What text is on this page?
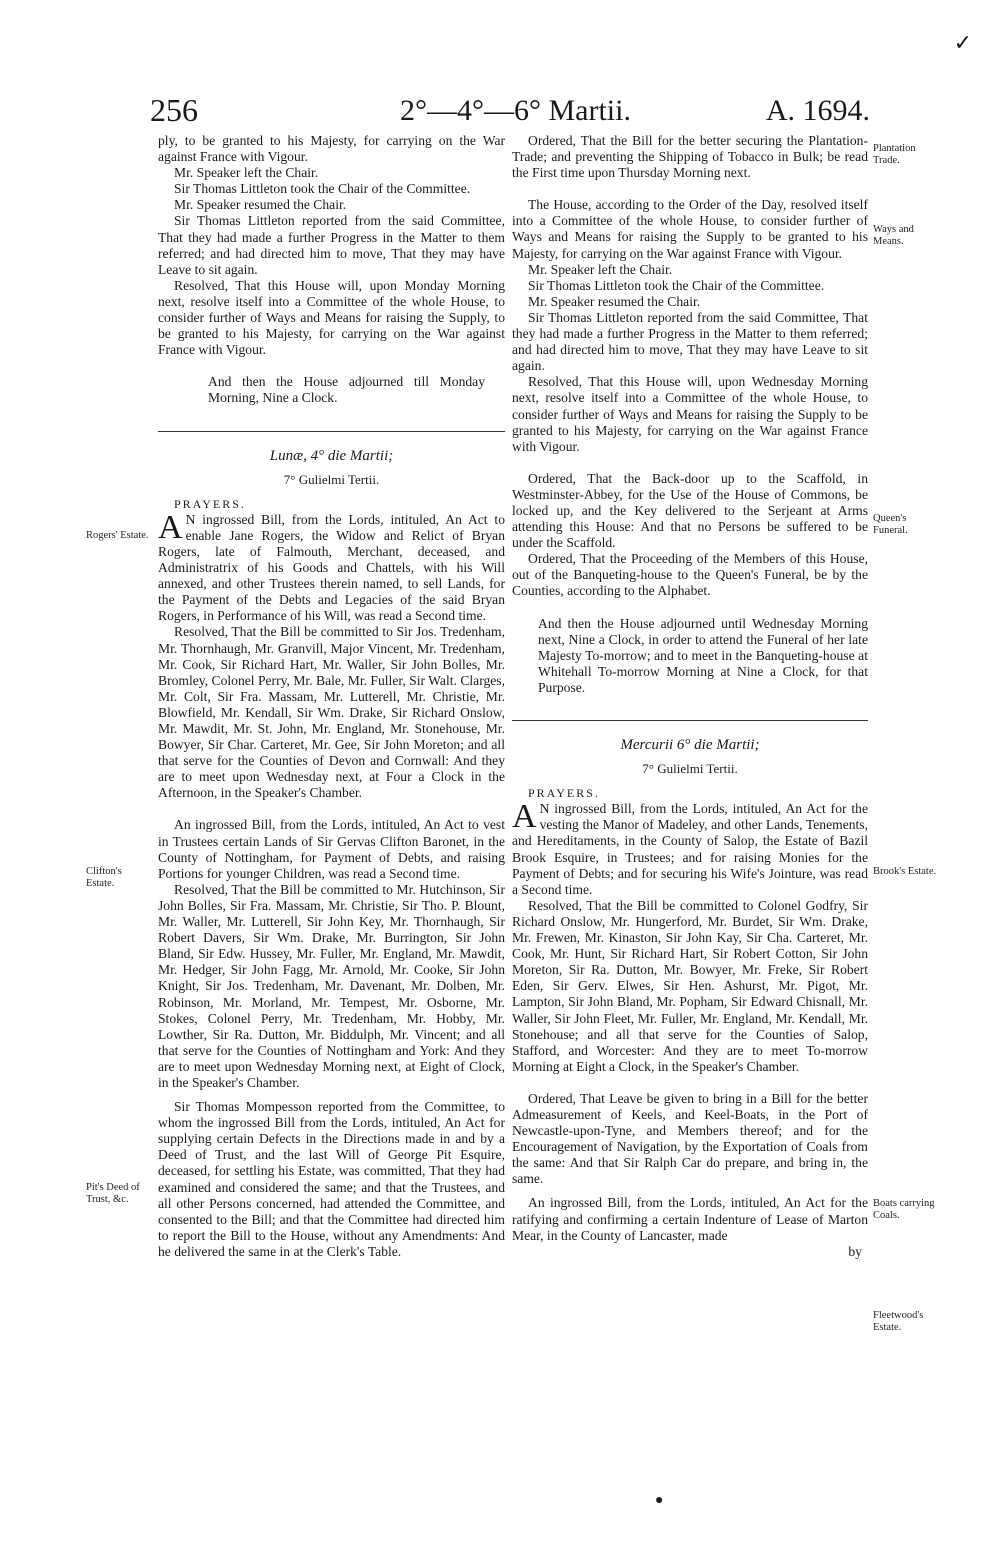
✓
256	2°—4°—6° Martii.	A. 1694.
Rogers' Estate.
Clifton's Estate.
Pit's Deed of Trust, &c.
Plantation Trade.
Ways and Means.
Queen's Funeral.
Brook's Estate.
Boats carrying Coals.
Fleetwood's Estate.

ply, to be granted to his Majesty, for carrying on the War against France with Vigour.

Mr. Speaker left the Chair.

Sir Thomas Littleton took the Chair of the Committee.

Mr. Speaker resumed the Chair.

Sir Thomas Littleton reported from the said Committee, That they had made a further Progress in the Matter to them referred; and had directed him to move, That they may have Leave to sit again.

Resolved, That this House will, upon Monday Morning next, resolve itself into a Committee of the whole House, to consider further of Ways and Means for raising the Supply, to be granted to his Majesty, for carrying on the War against France with Vigour.

And then the House adjourned till Monday Morning, Nine a Clock.

Lunæ, 4° die Martii;

7° Gulielmi Tertii.

PRAYERS.

A N ingrossed Bill, from the Lords, intituled, An Act to enable Jane Rogers, the Widow and Relict of Bryan Rogers, late of Falmouth, Merchant, deceased, and Administratrix of his Goods and Chattels, with his Will annexed, and other Trustees therein named, to sell Lands, for the Payment of the Debts and Legacies of the said Bryan Rogers, in Performance of his Will, was read a Second time.

Resolved, That the Bill be committed to Sir Jos. Tredenham, Mr. Thornhaugh, Mr. Granvill, Major Vincent, Mr. Tredenham, Mr. Cook, Sir Richard Hart, Mr. Waller, Sir John Bolles, Mr. Bromley, Colonel Perry, Mr. Bale, Mr. Fuller, Sir Walt. Clarges, Mr. Colt, Sir Fra. Massam, Mr. Lutterell, Mr. Christie, Mr. Blowfield, Mr. Kendall, Sir Wm. Drake, Sir Richard Onslow, Mr. Mawdit, Mr. St. John, Mr. England, Mr. Stonehouse, Mr. Bowyer, Sir Char. Carteret, Mr. Gee, Sir John Moreton; and all that serve for the Counties of Devon and Cornwall: And they are to meet upon Wednesday next, at Four a Clock in the Afternoon, in the Speaker's Chamber.

An ingrossed Bill, from the Lords, intituled, An Act to vest in Trustees certain Lands of Sir Gervas Clifton Baronet, in the County of Nottingham, for Payment of Debts, and raising Portions for younger Children, was read a Second time.

Resolved, That the Bill be committed to Mr. Hutchinson, Sir John Bolles, Sir Fra. Massam, Mr. Christie, Sir Tho. P. Blount, Mr. Waller, Mr. Lutterell, Sir John Key, Mr. Thornhaugh, Sir Robert Davers, Sir Wm. Drake, Mr. Burrington, Sir John Bland, Sir Edw. Hussey, Mr. Fuller, Mr. England, Mr. Mawdit, Mr. Hedger, Sir John Fagg, Mr. Arnold, Mr. Cooke, Sir John Knight, Sir Jos. Tredenham, Mr. Davenant, Mr. Dolben, Mr. Robinson, Mr. Morland, Mr. Tempest, Mr. Osborne, Mr. Stokes, Colonel Perry, Mr. Tredenham, Mr. Hobby, Mr. Lowther, Sir Ra. Dutton, Mr. Biddulph, Mr. Vincent; and all that serve for the Counties of Nottingham and York: And they are to meet upon Wednesday Morning next, at Eight of Clock, in the Speaker's Chamber.

Sir Thomas Mompesson reported from the Committee, to whom the ingrossed Bill from the Lords, intituled, An Act for supplying certain Defects in the Directions made in and by a Deed of Trust, and the last Will of George Pit Esquire, deceased, for settling his Estate, was committed, That they had examined and considered the same; and that the Trustees, and all other Persons concerned, had attended the Committee, and consented to the Bill; and that the Committee had directed him to report the Bill to the House, without any Amendments: And he delivered the same in at the Clerk's Table.

Ordered, That the Bill for the better securing the Plantation-Trade; and preventing the Shipping of Tobacco in Bulk; be read the First time upon Thursday Morning next.

The House, according to the Order of the Day, resolved itself into a Committee of the whole House, to consider further of Ways and Means for raising the Supply to be granted to his Majesty, for carrying on the War against France with Vigour.

Mr. Speaker left the Chair.

Sir Thomas Littleton took the Chair of the Committee.

Mr. Speaker resumed the Chair.

Sir Thomas Littleton reported from the said Committee, That they had made a further Progress in the Matter to them referred; and had directed him to move, That they may have Leave to sit again.

Resolved, That this House will, upon Wednesday Morning next, resolve itself into a Committee of the whole House, to consider further of Ways and Means for raising the Supply to be granted to his Majesty, for carrying on the War against France with Vigour.

Ordered, That the Back-door up to the Scaffold, in Westminster-Abbey, for the Use of the House of Commons, be locked up, and the Key delivered to the Serjeant at Arms attending this House: And that no Persons be suffered to be under the Scaffold.

Ordered, That the Proceeding of the Members of this House, out of the Banqueting-house to the Queen's Funeral, be by the Counties, according to the Alphabet.

And then the House adjourned until Wednesday Morning next, Nine a Clock, in order to attend the Funeral of her late Majesty To-morrow; and to meet in the Banqueting-house at Whitehall To-morrow Morning at Nine a Clock, for that Purpose.

Mercurii 6° die Martii;

7° Gulielmi Tertii.

PRAYERS.

A N ingrossed Bill, from the Lords, intituled, An Act for the vesting the Manor of Madeley, and other Lands, Tenements, and Hereditaments, in the County of Salop, the Estate of Bazil Brook Esquire, in Trustees; and for raising Monies for the Payment of Debts; and for securing his Wife's Jointure, was read a Second time.

Resolved, That the Bill be committed to Colonel Godfry, Sir Richard Onslow, Mr. Hungerford, Mr. Burdet, Sir Wm. Drake, Mr. Frewen, Mr. Kinaston, Sir John Kay, Sir Cha. Carteret, Mr. Cook, Mr. Hunt, Sir Richard Hart, Sir Robert Cotton, Sir John Moreton, Sir Ra. Dutton, Mr. Bowyer, Mr. Freke, Sir Robert Eden, Sir Gerv. Elwes, Sir Hen. Ashurst, Mr. Pigot, Mr. Lampton, Sir John Bland, Mr. Popham, Sir Edward Chisnall, Mr. Waller, Sir John Fleet, Mr. Fuller, Mr. England, Mr. Kendall, Mr. Stonehouse; and all that serve for the Counties of Salop, Stafford, and Worcester: And they are to meet To-morrow Morning at Eight a Clock, in the Speaker's Chamber.

Ordered, That Leave be given to bring in a Bill for the better Admeasurement of Keels, and Keel-Boats, in the Port of Newcastle-upon-Tyne, and Members thereof; and for the Encouragement of Navigation, by the Exportation of Coals from the same: And that Sir Ralph Car do prepare, and bring in, the same.

An ingrossed Bill, from the Lords, intituled, An Act for the ratifying and confirming a certain Indenture of Lease of Marton Mear, in the County of Lancaster, made

by

●
